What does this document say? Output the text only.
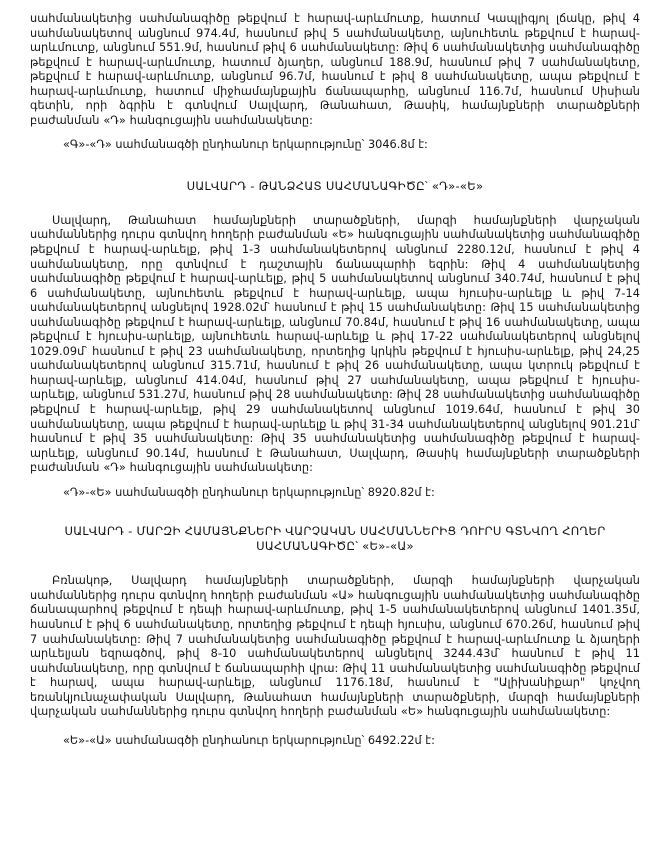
սահմանակետից սահմանագիծը թեքվում է հարավ-արևմուտք, հատում Կապլիգյոլ լճակը, թիվ 4 սահմանակետով անցնում 974.4մ, հասնում թիվ 5 սահմանակետը, այնուհետև թեքվում է հարավ-արևմուտք, անցնում 551.9մ, հասնում թիվ 6 սահմանակետը: Թիվ 6 սահմանակետից սահմանագիծը թեքվում է հարավ-արևմուտք, հատում ձյաղեր, անցնում 188.9մ, հասնում թիվ 7 սահմանակետը, թեքվում է հարավ-արևմուտք, անցնում 96.7մ, հասնում է թիվ 8 սահմանակետը, ապա թեքվում է հարավ-արևմուտք, հատում միջհամայնքային ճանապարհը, անցնում 116.7մ, հասնում Սիսիան գետին, որի ձգրին է գտնվում Սալվարդ, Թանահատ, Թասիկ, համայնքների տարածքների բաժանման «Դ» հանգուցային սահմանակետը:

«Գ»-«Դ» սահմանագծի ընդհանուր երկարությունը՝ 3046.8մ է:

ՍԱԼՎԱՐԴ - ԹԱՆՁՀԱՏ ՍԱՀՄԱՆԱԳԻԾԸ՝ «Դ»-«Ե»

Սալվարդ, Թանահատ համայնքների տարածքների, մարզի համայնքների վարչական սահմաններից դուրս գտնվող հողերի բաժանման «Ե» հանգուցային սահմանակետից սահմանագիծը թեքվում է հարավ-արևելք, թիվ 1-3 սահմանակետերով անցնում 2280.12մ, հասնում է թիվ 4 սահմանակետը, որը գտնվում է դաշտային ճանապարհի եզրին: Թիվ 4 սահմանակետից սահմանագիծը թեքվում է հարավ-արևելք, թիվ 5 սահմանակետով անցնում 340.74մ, հասնում է թիվ 6 սահմանակետը, այնուհետև թեքվում է հարավ-արևելք, ապա հյուսիս-արևելք և թիվ 7-14 սահմանակետերով անցնելով 1928.02մ՝ հասնում է թիվ 15 սահմանակետը: Թիվ 15 սահմանակետից սահմանագիծը թեքվում է հարավ-արևելք, անցնում 70.84մ, հասնում է թիվ 16 սահմանակետը, ապա թեքվում է հյուսիս-արևելք, այնուհետև հարավ-արևելք և թիվ 17-22 սահմանակետերով անցնելով 1029.09մ՝ հասնում է թիվ 23 սահմանակետը, որտեղից կրկին թեքվում է հյուսիս-արևելք, թիվ 24,25 սահմանակետերով անցնում 315.71մ, հասնում է թիվ 26 սահմանակետը, ապա կտրուկ թեքվում է հարավ-արևելք, անցնում 414.04մ, հասնում թիվ 27 սահմանակետը, ապա թեքվում է հյուսիս-արևելք, անցնում 531.27մ, հասնում թիվ 28 սահմանակետը: Թիվ 28 սահմանակետից սահմանագիծը թեքվում է հարավ-արևելք, թիվ 29 սահմանակետով անցնում 1019.64մ, հասնում է թիվ 30 սահմանակետը, ապա թեքվում է հարավ-արևելք և թիվ 31-34 սահմանակետերով անցնելով 901.21մ՝ հասնում է թիվ 35 սահմանակետը: Թիվ 35 սահմանակետից սահմանագիծը թեքվում է հարավ-արևելք, անցնում 90.14մ, հասնում է Թանահատ, Սալվարդ, Թասիկ համայնքների տարածքների բաժանման «Դ» հանգուցային սահմանակետը:

«Դ»-«Ե» սահմանագծի ընդհանուր երկարությունը՝ 8920.82մ է:

ՍԱԼՎԱՐԴ - ՄԱՐԶԻ ՀԱՄԱՅՆՔՆԵՐԻ ՎԱՐՉԱԿԱՆ ՍԱՀՄԱՆՆԵՐԻՑ ԴՈՒՐՍ ԳՏՆՎՈՂ ՀՈՂԵՐ
ՍԱՀՄԱՆԱԳԻԾԸ՝ «Ե»-«Ա»

Բռնակոթ, Սալվարդ համայնքների տարածքների, մարզի համայնքների վարչական սահմաններից դուրս գտնվող հողերի բաժանման «Ա» հանգուցային սահմանակետից սահմանագիծը ճանապարհով թեքվում է դեպի հարավ-արևմուտք, թիվ 1-5 սահմանակետերով անցնում 1401.35մ, հասնում է թիվ 6 սահմանակետը, որտեղից թեքվում է դեպի հյուսիս, անցնում 670.26մ, հասնում թիվ 7 սահմանակետը: Թիվ 7 սահմանակետից սահմանագիծը թեքվում է հարավ-արևմուտք և ձյաղերի արևելյան եզրագծով, թիվ 8-10 սահմանակետերով անցնելով 3244.43մ՝ հասնում է թիվ 11 սահմանակետը, որը գտնվում է ճանապարհի վրա: Թիվ 11 սահմանակետից սահմանագիծը թեքվում է հարավ, ապա հարավ-արևելք, անցնում 1176.18մ, հասնում է "Ալիխանիքար" կոչվող եռանկյունաչափական Սալվարդ, Թանահատ համայնքների տարածքների, մարզի համայնքների վարչական սահմաններից դուրս գտնվող հողերի բաժանման «Ե» հանգուցային սահմանակետը:

«Ե»-«Ա» սահմանագծի ընդհանուր երկարությունը՝ 6492.22մ է:
